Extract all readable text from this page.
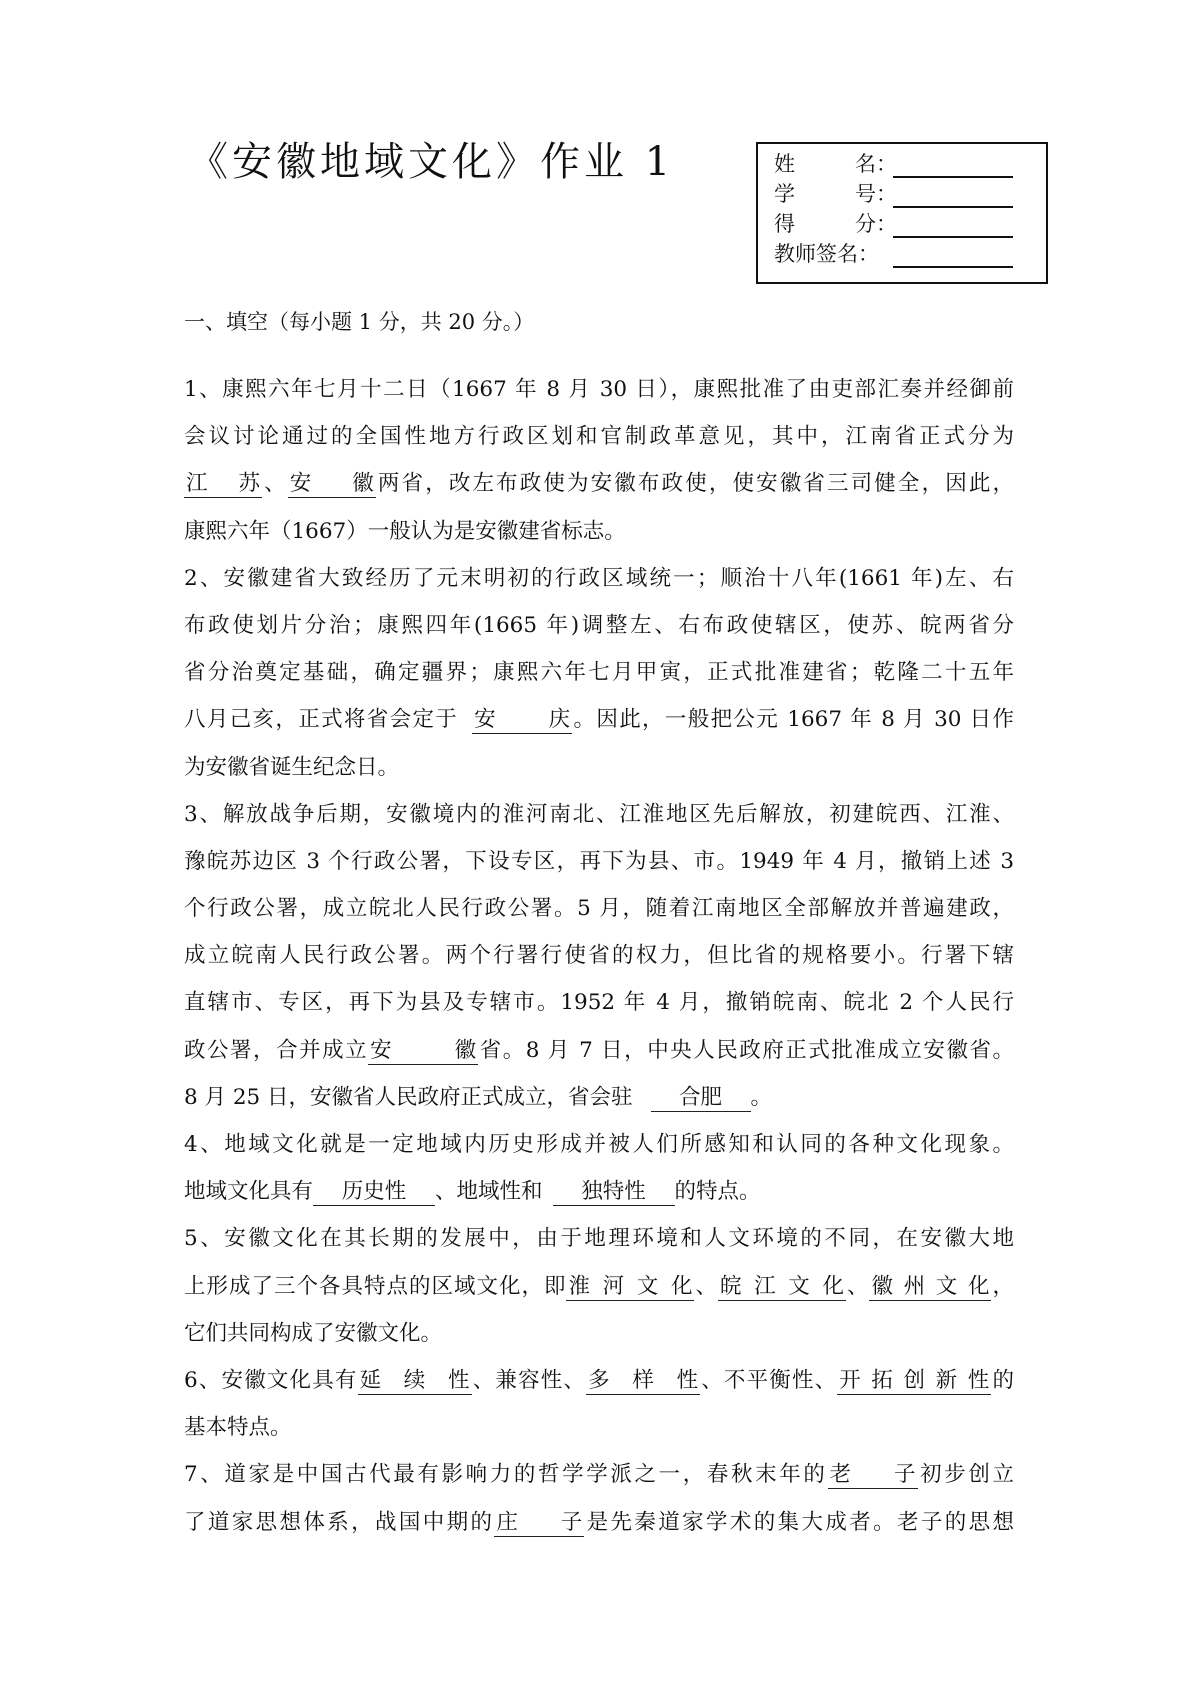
《安徽地域文化》作业 1	姓	名：
学	号：
得	分：
教师签名：
一、填空（每小题 1 分，共 20 分。）
1、康熙六年七月十二日（1667 年 8 月 30 日），康熙批准了由吏部汇奏并经御前
会议讨论通过的全国性地方行政区划和官制政革意见，其中，江南省正式分为
江苏、安徽两省，改左布政使为安徽布政使，使安徽省三司健全，因此，
康熙六年（1667）一般认为是安徽建省标志。
2、安徽建省大致经历了元末明初的行政区域统一；顺治十八年(1661 年)左、右
布政使划片分治；康熙四年(1665 年)调整左、右布政使辖区，使苏、皖两省分
省分治奠定基础，确定疆界；康熙六年七月甲寅，正式批准建省；乾隆二十五年
八月己亥，正式将省会定于 安庆。因此，一般把公元 1667 年 8 月 30 日作
为安徽省诞生纪念日。
3、解放战争后期，安徽境内的淮河南北、江淮地区先后解放，初建皖西、江淮、
豫皖苏边区 3 个行政公署，下设专区，再下为县、市。1949 年 4 月，撤销上述 3
个行政公署，成立皖北人民行政公署。5 月，随着江南地区全部解放并普遍建政，
成立皖南人民行政公署。两个行署行使省的权力，但比省的规格要小。行署下辖
直辖市、专区，再下为县及专辖市。1952 年 4 月，撤销皖南、皖北 2 个人民行
政公署，合并成立安徽省。8 月 7 日，中央人民政府正式批准成立安徽省。
8 月 25 日，安徽省人民政府正式成立，省会驻 合肥 。
4、地域文化就是一定地域内历史形成并被人们所感知和认同的各种文化现象。
地域文化具有 历史性 、地域性和 独特性 的特点。
5、安徽文化在其长期的发展中，由于地理环境和人文环境的不同，在安徽大地
上形成了三个各具特点的区域文化，即淮河文化、皖江文化、徽州文化，
它们共同构成了安徽文化。
6、安徽文化具有延续性、兼容性、多样性、不平衡性、开拓创新性的
基本特点。
7、道家是中国古代最有影响力的哲学学派之一，春秋末年的老子初步创立
了道家思想体系，战国中期的庄子是先秦道家学术的集大成者。老子的思想
